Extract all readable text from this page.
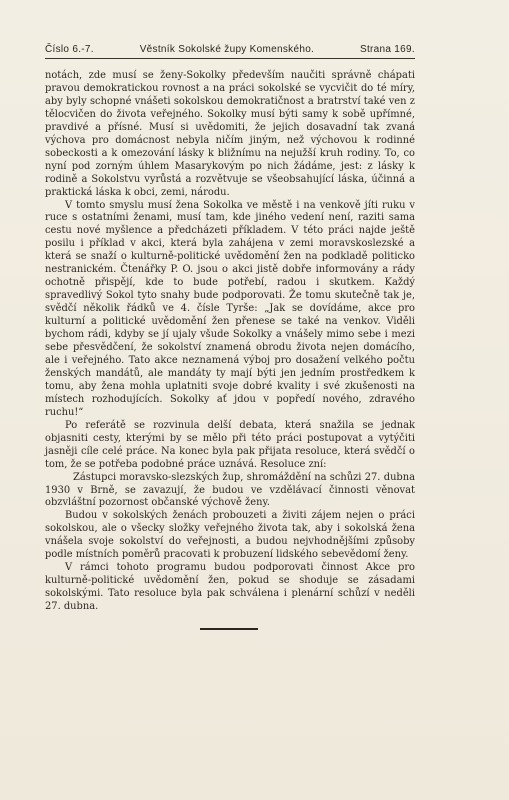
Číslo 6.-7.	Věstník Sokolské župy Komenského.	Strana 169.

notách, zde musí se ženy-Sokolky především naučiti správně chápati pravou demokratickou rovnost a na práci sokolské se vycvičit do té míry, aby byly schopné vnášeti sokolskou demokratičnost a bratrství také ven z tělocvičen do života veřejného. Sokolky musí býti samy k sobě upřímné, pravdivé a přísné. Musí si uvědomiti, že jejich dosavadní tak zvaná výchova pro domácnost nebyla ničím jiným, než výchovou k rodinné sobeckosti a k omezování lásky k bližnímu na nejužší kruh rodiny. To, co nyní pod zorným úhlem Masarykovým po nich žádáme, jest: z lásky k rodině a Sokolstvu vyrůstá a rozvětvuje se všeobsahující láska, účinná a praktická láska k obci, zemi, národu.

V tomto smyslu musí žena Sokolka ve městě i na venkově jíti ruku v ruce s ostatními ženami, musí tam, kde jiného vedení není, raziti sama cestu nové myšlence a předcházeti příkladem. V této práci najde ještě posilu i příklad v akci, která byla zahájena v zemi moravskoslezské a která se snaží o kulturně-politické uvědomění žen na podkladě politicko nestranickém. Čtenářky P. O. jsou o akci jistě dobře informovány a rády ochotně přispějí, kde to bude potřebí, radou i skutkem. Každý spravedlivý Sokol tyto snahy bude podporovati. Že tomu skutečně tak je, svědčí několik řádků ve 4. čísle Tyrše: „Jak se dovídáme, akce pro kulturní a politické uvědomění žen přenese se také na venkov. Viděli bychom rádi, kdyby se jí ujaly všude Sokolky a vnášely mimo sebe i mezi sebe přesvědčení, že sokolství znamená obrodu života nejen domácího, ale i veřejného. Tato akce neznamená výboj pro dosažení velkého počtu ženských mandátů, ale mandáty ty mají býti jen jedním prostředkem k tomu, aby žena mohla uplatniti svoje dobré kvality i své zkušenosti na místech rozhodujících. Sokolky ať jdou v popředí nového, zdravého ruchu!“

Po referátě se rozvinula delší debata, která snažila se jednak objasniti cesty, kterými by se mělo při této práci postupovat a vytýčiti jasněji cíle celé práce. Na konec byla pak přijata resoluce, která svědčí o tom, že se potřeba podobné práce uznává. Resoluce zní:

Zástupci moravsko-slezských žup, shromáždění na schůzi 27. dubna 1930 v Brně, se zavazují, že budou ve vzdělávací činnosti věnovat obzvláštní pozornost občanské výchově ženy.

Budou v sokolských ženách probouzeti a živiti zájem nejen o práci sokolskou, ale o všecky složky veřejného života tak, aby i sokolská žena vnášela svoje sokolství do veřejnosti, a budou nejvhodnějšími způsoby podle místních poměrů pracovati k probuzení lidského sebevědomí ženy.

V rámci tohoto programu budou podporovati činnost Akce pro kulturně-politické uvědomění žen, pokud se shoduje se zásadami sokolskými. Tato resoluce byla pak schválena i plenární schůzí v neděli 27. dubna.
